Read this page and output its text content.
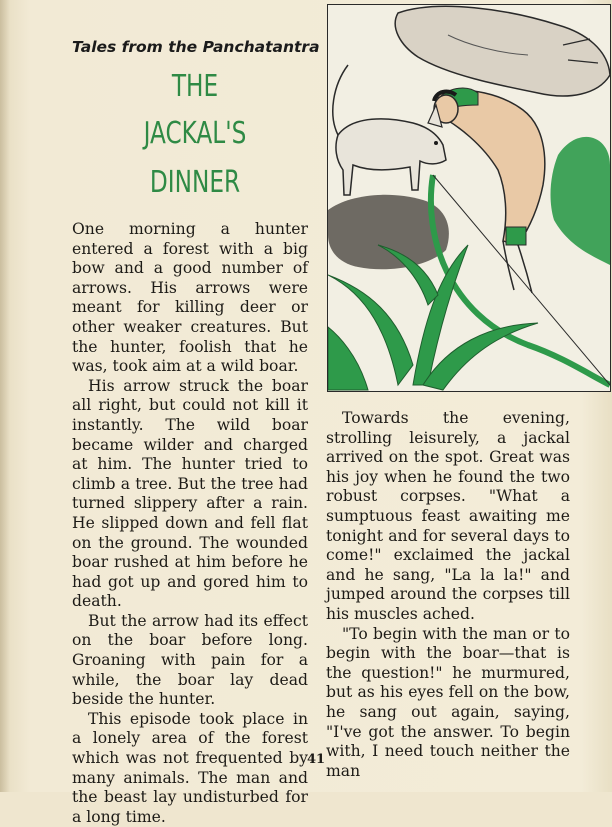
Tales from the Panchatantra
THE
JACKAL'S
DINNER

One morning a hunter entered a forest with a big bow and a good number of arrows. His arrows were meant for killing deer or other weaker creatures. But the hunter, foolish that he was, took aim at a wild boar.

His arrow struck the boar all right, but could not kill it instantly. The wild boar became wilder and charged at him. The hunter tried to climb a tree. But the tree had turned slippery after a rain. He slipped down and fell flat on the ground. The wounded boar rushed at him before he had got up and gored him to death.

But the arrow had its effect on the boar before long. Groaning with pain for a while, the boar lay dead beside the hunter.

This episode took place in a lonely area of the forest which was not frequented by many animals. The man and the beast lay undisturbed for a long time.

Towards the evening, strolling leisurely, a jackal arrived on the spot. Great was his joy when he found the two robust corpses. "What a sumptuous feast awaiting me tonight and for several days to come!" exclaimed the jackal and he sang, "La la la!" and jumped around the corpses till his muscles ached.

"To begin with the man or to begin with the boar—that is the question!" he murmured, but as his eyes fell on the bow, he sang out again, saying, "I've got the answer. To begin with, I need touch neither the man

41
